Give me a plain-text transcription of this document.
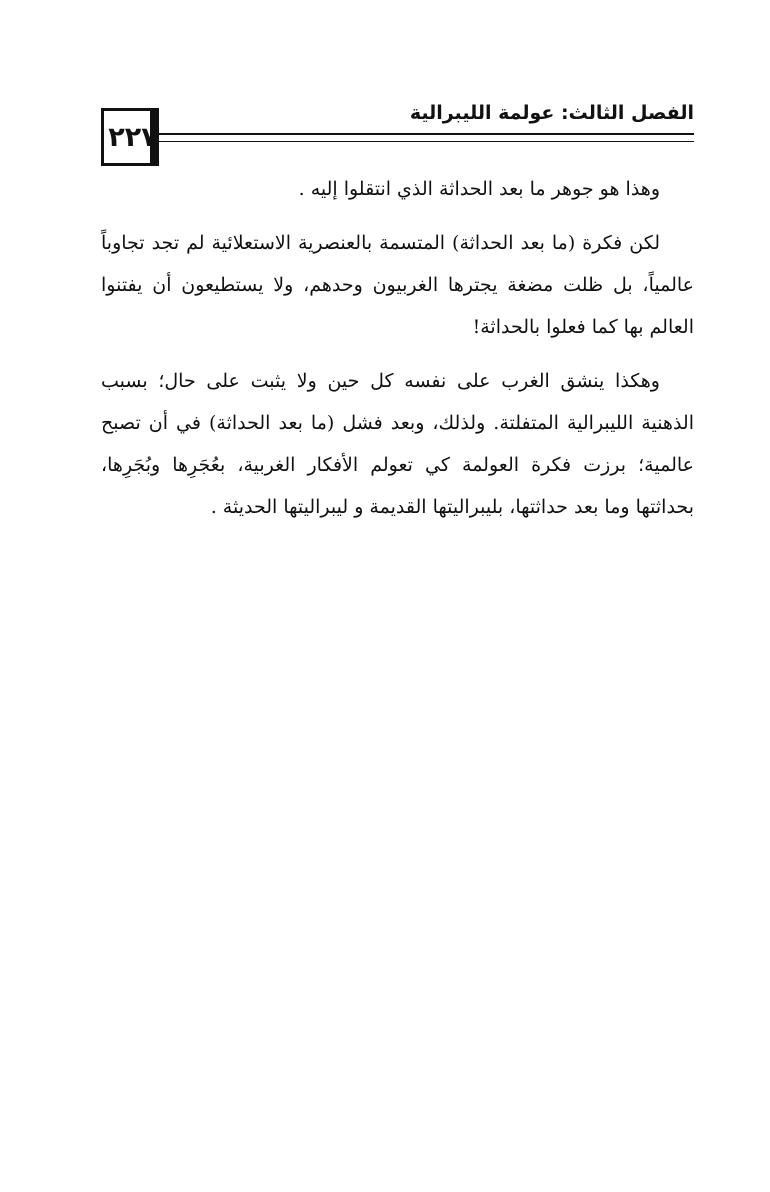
٢٢٧
الفصل الثالث: عولمة الليبرالية

وهذا هو جوهر ما بعد الحداثة الذي انتقلوا إليه .

لكن فكرة (ما بعد الحداثة) المتسمة بالعنصرية الاستعلائية لم تجد تجاوباً عالمياً، بل ظلت مضغة يجترها الغربيون وحدهم، ولا يستطيعون أن يفتنوا العالم بها كما فعلوا بالحداثة!

وهكذا ينشق الغرب على نفسه كل حين ولا يثبت على حال؛ بسبب الذهنية الليبرالية المتفلتة. ولذلك، وبعد فشل (ما بعد الحداثة) في أن تصبح عالمية؛ برزت فكرة العولمة كي تعولم الأفكار الغربية، بعُجَرِها وبُجَرِها، بحداثتها وما بعد حداثتها، بليبراليتها القديمة و ليبراليتها الحديثة .
